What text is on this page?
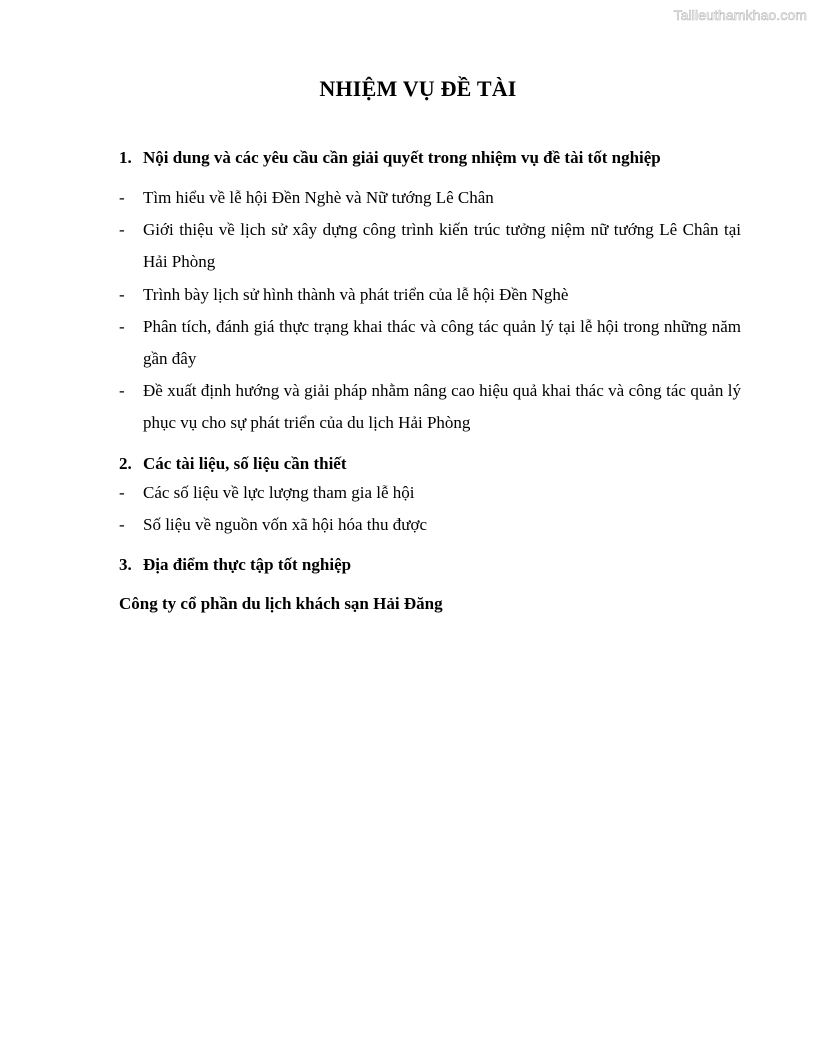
Tailieuthamkhao.com
NHIỆM VỤ ĐỀ TÀI
1. Nội dung và các yêu cầu cần giải quyết trong nhiệm vụ đề tài tốt nghiệp
- Tìm hiểu về lễ hội Đền Nghè và Nữ tướng Lê Chân
- Giới thiệu về lịch sử xây dựng công trình kiến trúc tưởng niệm nữ tướng Lê Chân tại Hải Phòng
- Trình bày lịch sử hình thành và phát triển của lễ hội Đền Nghè
- Phân tích, đánh giá thực trạng khai thác và công tác quản lý tại lễ hội trong những năm gần đây
- Đề xuất định hướng và giải pháp nhằm nâng cao hiệu quả khai thác và công tác quản lý phục vụ cho sự phát triển của du lịch Hải Phòng
2. Các tài liệu, số liệu cần thiết
- Các số liệu về lực lượng tham gia lễ hội
- Số liệu về nguồn vốn xã hội hóa thu được
3. Địa điểm thực tập tốt nghiệp
Công ty cổ phần du lịch khách sạn Hải Đăng
